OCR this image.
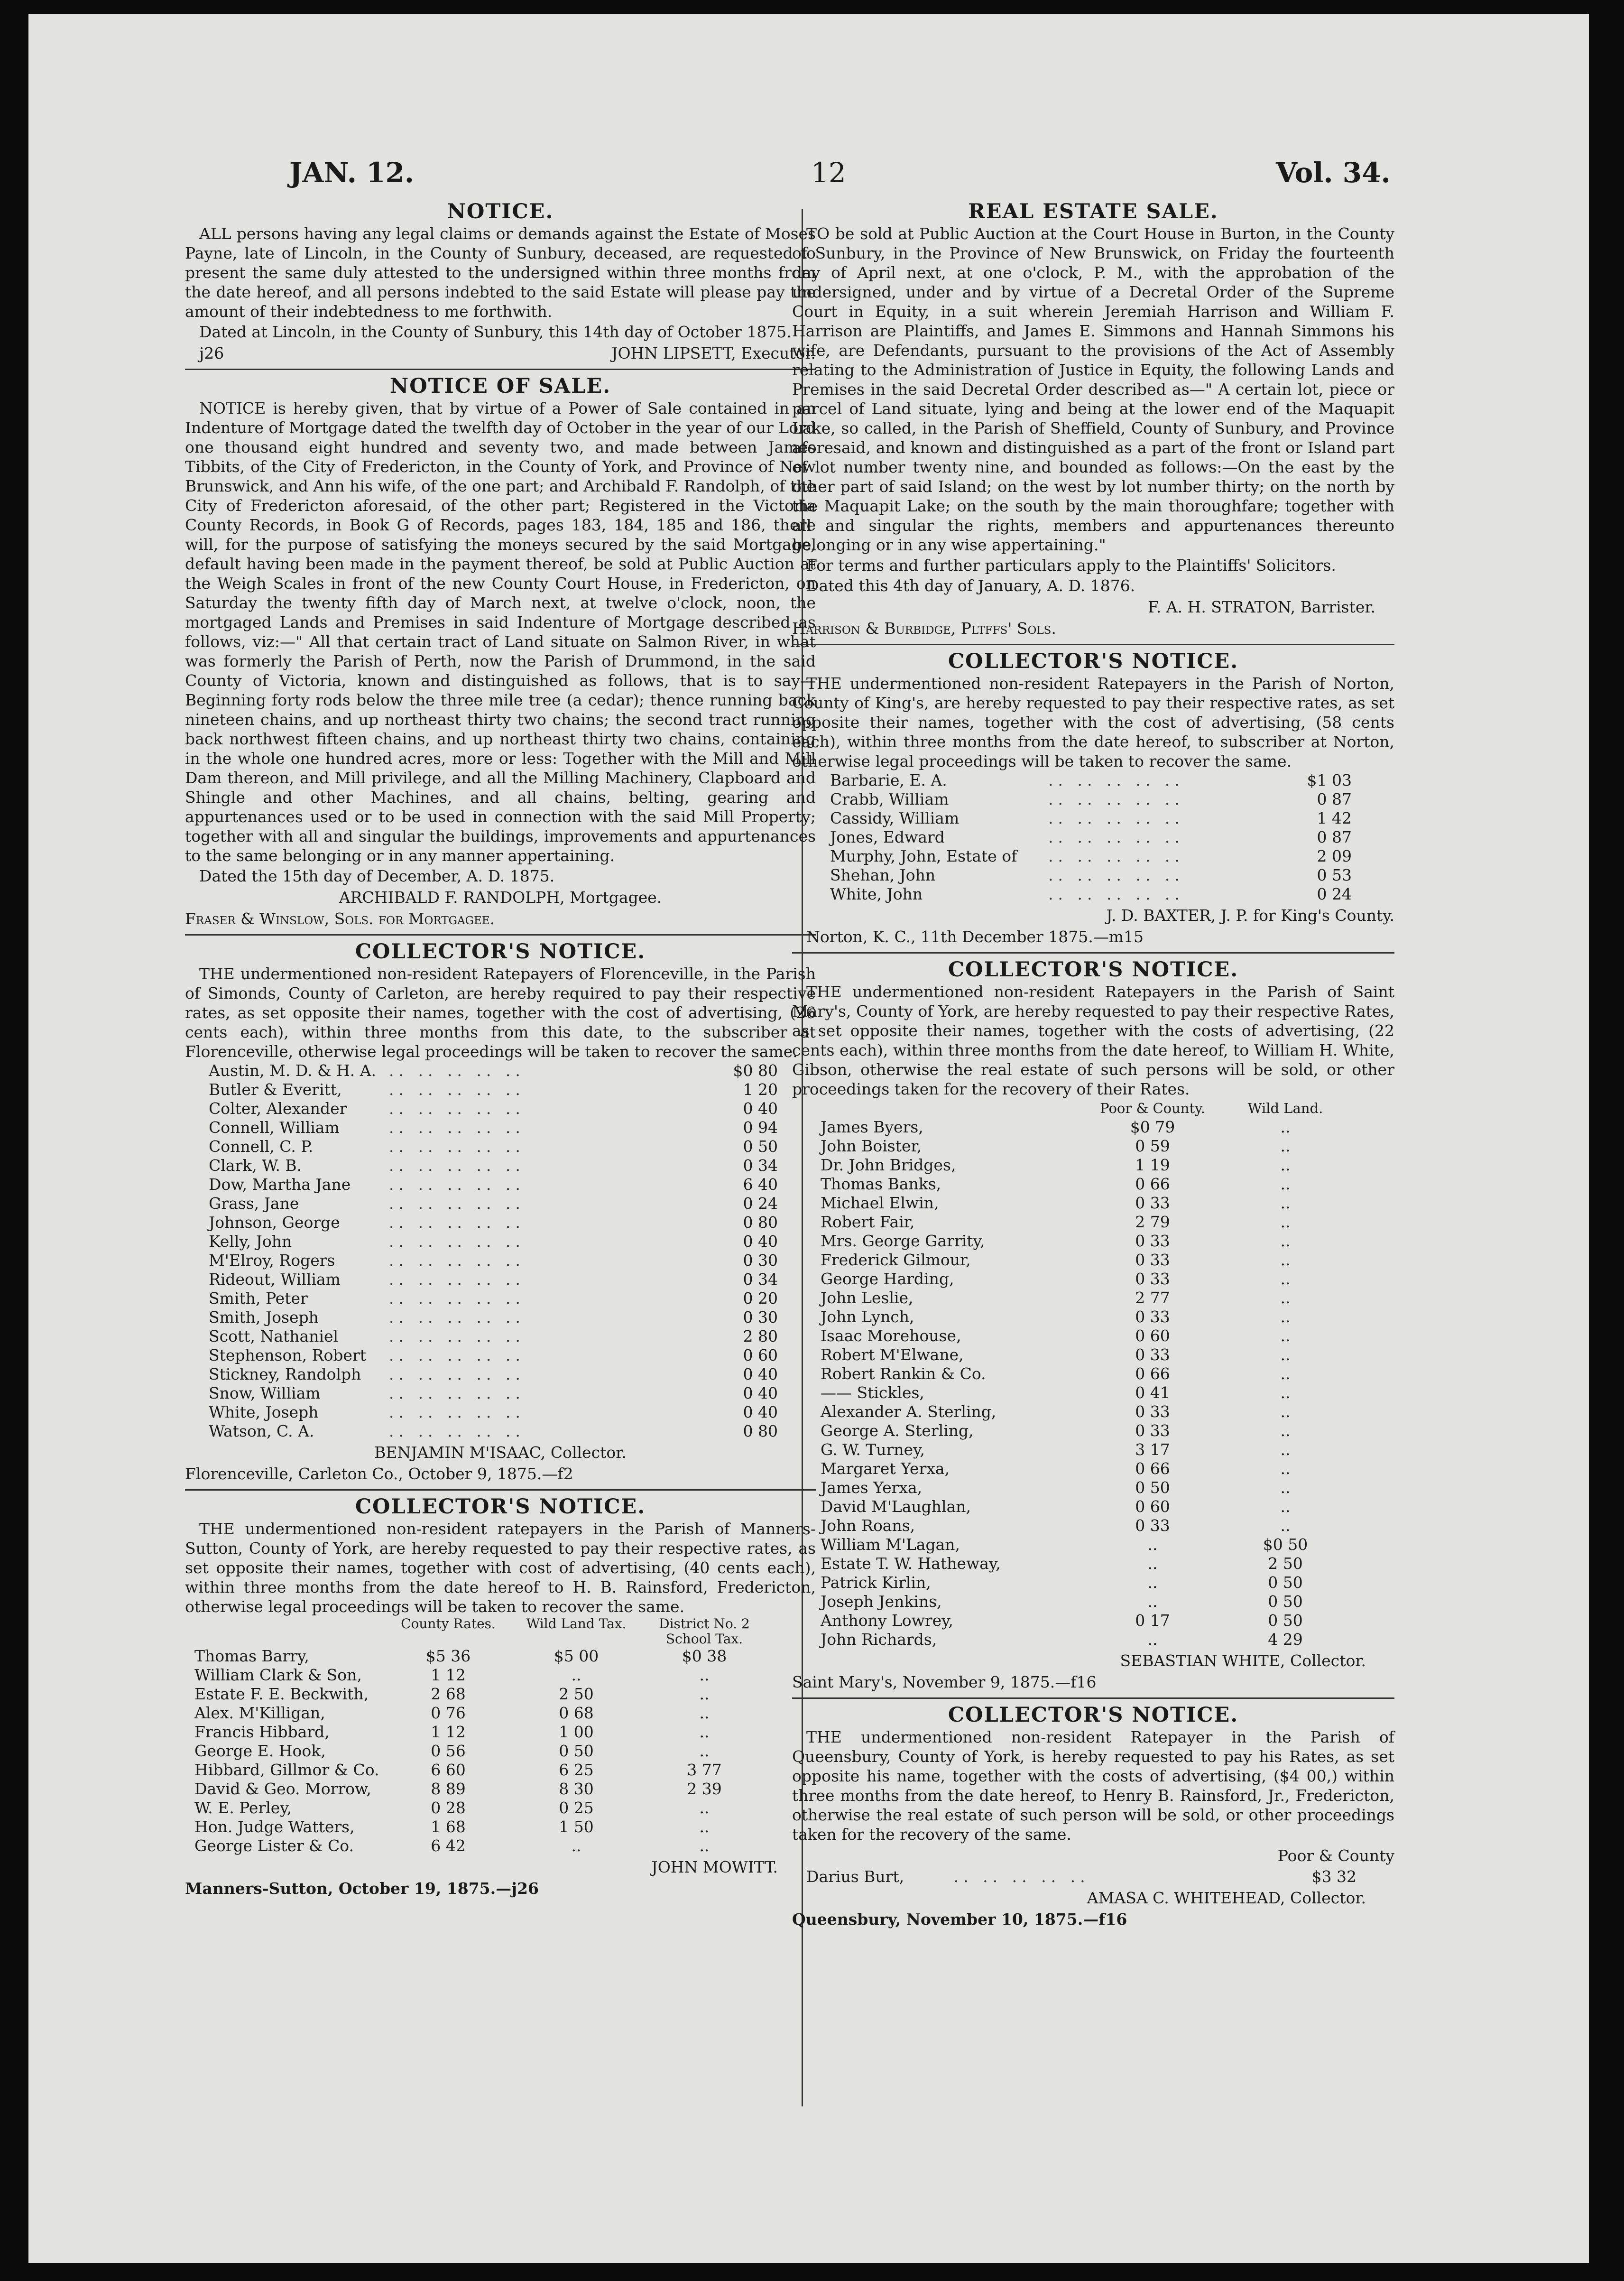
JAN. 12.	12	Vol. 34.
NOTICE.

ALL persons having any legal claims or demands against the Estate of Moses Payne, late of Lincoln, in the County of Sunbury, deceased, are requested to present the same duly attested to the undersigned within three months from the date hereof, and all persons indebted to the said Estate will please pay the amount of their indebtedness to me forthwith.

Dated at Lincoln, in the County of Sunbury, this 14th day of October 1875.

j26	JOHN LIPSETT, Executor.
NOTICE OF SALE.

NOTICE is hereby given, that by virtue of a Power of Sale contained in an Indenture of Mortgage dated the twelfth day of October in the year of our Lord one thousand eight hundred and seventy two, and made between James Tibbits, of the City of Fredericton, in the County of York, and Province of New Brunswick, and Ann his wife, of the one part; and Archibald F. Randolph, of the City of Fredericton aforesaid, of the other part; Registered in the Victoria County Records, in Book G of Records, pages 183, 184, 185 and 186, there will, for the purpose of satisfying the moneys secured by the said Mortgage, default having been made in the payment thereof, be sold at Public Auction at the Weigh Scales in front of the new County Court House, in Fredericton, on Saturday the twenty fifth day of March next, at twelve o'clock, noon, the mortgaged Lands and Premises in said Indenture of Mortgage described as follows, viz:—" All that certain tract of Land situate on Salmon River, in what was formerly the Parish of Perth, now the Parish of Drummond, in the said County of Victoria, known and distinguished as follows, that is to say—Beginning forty rods below the three mile tree (a cedar); thence running back nineteen chains, and up northeast thirty two chains; the second tract running back northwest fifteen chains, and up northeast thirty two chains, containing in the whole one hundred acres, more or less: Together with the Mill and Mill Dam thereon, and Mill privilege, and all the Milling Machinery, Clapboard and Shingle and other Machines, and all chains, belting, gearing and appurtenances used or to be used in connection with the said Mill Property; together with all and singular the buildings, improvements and appurtenances to the same belonging or in any manner appertaining.

Dated the 15th day of December, A. D. 1875.

ARCHIBALD F. RANDOLPH, Mortgagee.

Fraser & Winslow, Sols. for Mortgagee.

COLLECTOR'S NOTICE.

THE undermentioned non-resident Ratepayers of Florenceville, in the Parish of Simonds, County of Carleton, are hereby required to pay their respective rates, as set opposite their names, together with the cost of advertising, (26 cents each), within three months from this date, to the subscriber at Florenceville, otherwise legal proceedings will be taken to recover the same.

Austin, M. D. & H. A.	.. .. .. .. ..	$0 80
Butler & Everitt,	.. .. .. .. ..	1 20
Colter, Alexander	.. .. .. .. ..	0 40
Connell, William	.. .. .. .. ..	0 94
Connell, C. P.	.. .. .. .. ..	0 50
Clark, W. B.	.. .. .. .. ..	0 34
Dow, Martha Jane	.. .. .. .. ..	6 40
Grass, Jane	.. .. .. .. ..	0 24
Johnson, George	.. .. .. .. ..	0 80
Kelly, John	.. .. .. .. ..	0 40
M'Elroy, Rogers	.. .. .. .. ..	0 30
Rideout, William	.. .. .. .. ..	0 34
Smith, Peter	.. .. .. .. ..	0 20
Smith, Joseph	.. .. .. .. ..	0 30
Scott, Nathaniel	.. .. .. .. ..	2 80
Stephenson, Robert	.. .. .. .. ..	0 60
Stickney, Randolph	.. .. .. .. ..	0 40
Snow, William	.. .. .. .. ..	0 40
White, Joseph	.. .. .. .. ..	0 40
Watson, C. A.	.. .. .. .. ..	0 80

BENJAMIN M'ISAAC, Collector.

Florenceville, Carleton Co., October 9, 1875.—f2

COLLECTOR'S NOTICE.

THE undermentioned non-resident ratepayers in the Parish of Manners-Sutton, County of York, are hereby requested to pay their respective rates, as set opposite their names, together with cost of advertising, (40 cents each), within three months from the date hereof to H. B. Rainsford, Fredericton, otherwise legal proceedings will be taken to recover the same.

	County Rates.	Wild Land Tax.	District No. 2 School Tax.
Thomas Barry,	$5 36	$5 00	$0 38
William Clark & Son,	1 12	..	..
Estate F. E. Beckwith,	2 68	2 50	..
Alex. M'Killigan,	0 76	0 68	..
Francis Hibbard,	1 12	1 00	..
George E. Hook,	0 56	0 50	..
Hibbard, Gillmor & Co.	6 60	6 25	3 77
David & Geo. Morrow,	8 89	8 30	2 39
W. E. Perley,	0 28	0 25	..
Hon. Judge Watters,	1 68	1 50	..
George Lister & Co.	6 42	..	..

JOHN MOWITT.

Manners-Sutton, October 19, 1875.—j26

REAL ESTATE SALE.

TO be sold at Public Auction at the Court House in Burton, in the County of Sunbury, in the Province of New Brunswick, on Friday the fourteenth day of April next, at one o'clock, P. M., with the approbation of the undersigned, under and by virtue of a Decretal Order of the Supreme Court in Equity, in a suit wherein Jeremiah Harrison and William F. Harrison are Plaintiffs, and James E. Simmons and Hannah Simmons his wife, are Defendants, pursuant to the provisions of the Act of Assembly relating to the Administration of Justice in Equity, the following Lands and Premises in the said Decretal Order described as—" A certain lot, piece or parcel of Land situate, lying and being at the lower end of the Maquapit Lake, so called, in the Parish of Sheffield, County of Sunbury, and Province aforesaid, and known and distinguished as a part of the front or Island part of lot number twenty nine, and bounded as follows:—On the east by the other part of said Island; on the west by lot number thirty; on the north by the Maquapit Lake; on the south by the main thoroughfare; together with all and singular the rights, members and appurtenances thereunto belonging or in any wise appertaining."

For terms and further particulars apply to the Plaintiffs' Solicitors.

Dated this 4th day of January, A. D. 1876.

F. A. H. STRATON, Barrister.

Harrison & Burbidge, Pltffs' Sols.

COLLECTOR'S NOTICE.

THE undermentioned non-resident Ratepayers in the Parish of Norton, County of King's, are hereby requested to pay their respective rates, as set opposite their names, together with the cost of advertising, (58 cents each), within three months from the date hereof, to subscriber at Norton, otherwise legal proceedings will be taken to recover the same.

Barbarie, E. A.	.. .. .. .. ..	$1 03
Crabb, William	.. .. .. .. ..	0 87
Cassidy, William	.. .. .. .. ..	1 42
Jones, Edward	.. .. .. .. ..	0 87
Murphy, John, Estate of	.. .. .. .. ..	2 09
Shehan, John	.. .. .. .. ..	0 53
White, John	.. .. .. .. ..	0 24

J. D. BAXTER, J. P. for King's County.

Norton, K. C., 11th December 1875.—m15

COLLECTOR'S NOTICE.

THE undermentioned non-resident Ratepayers in the Parish of Saint Mary's, County of York, are hereby requested to pay their respective Rates, as set opposite their names, together with the costs of advertising, (22 cents each), within three months from the date hereof, to William H. White, Gibson, otherwise the real estate of such persons will be sold, or other proceedings taken for the recovery of their Rates.

	Poor & County.	Wild Land.
James Byers,	$0 79	..
John Boister,	0 59	..
Dr. John Bridges,	1 19	..
Thomas Banks,	0 66	..
Michael Elwin,	0 33	..
Robert Fair,	2 79	..
Mrs. George Garrity,	0 33	..
Frederick Gilmour,	0 33	..
George Harding,	0 33	..
John Leslie,	2 77	..
John Lynch,	0 33	..
Isaac Morehouse,	0 60	..
Robert M'Elwane,	0 33	..
Robert Rankin & Co.	0 66	..
—— Stickles,	0 41	..
Alexander A. Sterling,	0 33	..
George A. Sterling,	0 33	..
G. W. Turney,	3 17	..
Margaret Yerxa,	0 66	..
James Yerxa,	0 50	..
David M'Laughlan,	0 60	..
John Roans,	0 33	..
William M'Lagan,	..	$0 50
Estate T. W. Hatheway,	..	2 50
Patrick Kirlin,	..	0 50
Joseph Jenkins,	..	0 50
Anthony Lowrey,	0 17	0 50
John Richards,	..	4 29

SEBASTIAN WHITE, Collector.

Saint Mary's, November 9, 1875.—f16

COLLECTOR'S NOTICE.

THE undermentioned non-resident Ratepayer in the Parish of Queensbury, County of York, is hereby requested to pay his Rates, as set opposite his name, together with the costs of advertising, ($4 00,) within three months from the date hereof, to Henry B. Rainsford, Jr., Fredericton, otherwise the real estate of such person will be sold, or other proceedings taken for the recovery of the same.

Poor & County
Darius Burt,	.. .. .. .. ..	$3 32

AMASA C. WHITEHEAD, Collector.

Queensbury, November 10, 1875.—f16
